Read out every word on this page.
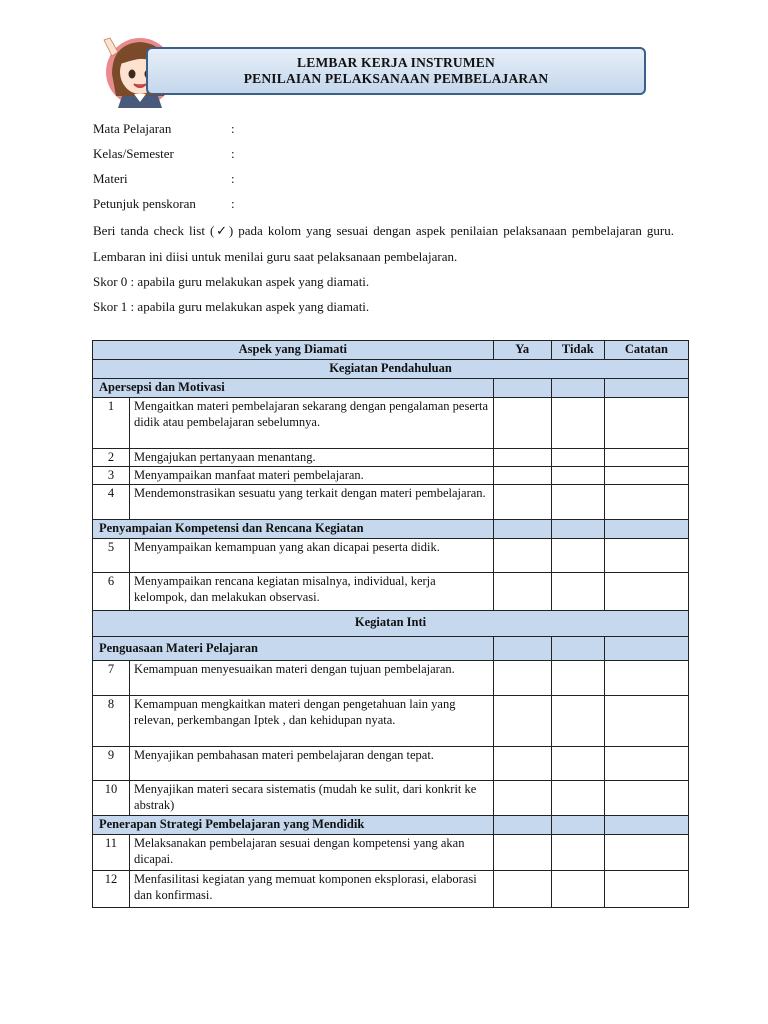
LEMBAR KERJA INSTRUMEN
PENILAIAN PELAKSANAAN PEMBELAJARAN
Mata Pelajaran	:
Kelas/Semester	:
Materi	:
Petunjuk penskoran	:
Beri tanda check list (✓) pada kolom yang sesuai dengan aspek penilaian pelaksanaan pembelajaran guru. Lembaran ini diisi untuk menilai guru saat pelaksanaan pembelajaran.
Skor 0 : apabila guru melakukan aspek yang diamati.
Skor 1 : apabila guru melakukan aspek yang diamati.
Aspek yang Diamati		Ya	Tidak	Catatan
Kegiatan Pendahuluan				
Apersepsi dan Motivasi				
1	Mengaitkan materi pembelajaran sekarang dengan pengalaman peserta didik atau pembelajaran sebelumnya.			
2	Mengajukan pertanyaan menantang.			
3	Menyampaikan manfaat materi pembelajaran.			
4	Mendemonstrasikan sesuatu yang terkait dengan materi pembelajaran.			
Penyampaian Kompetensi dan Rencana Kegiatan				
5	Menyampaikan kemampuan yang akan dicapai peserta didik.			
6	Menyampaikan rencana kegiatan misalnya, individual, kerja kelompok, dan melakukan observasi.			
Kegiatan Inti				
Penguasaan Materi Pelajaran				
7	Kemampuan menyesuaikan materi dengan tujuan pembelajaran.			
8	Kemampuan mengkaitkan materi dengan pengetahuan lain yang relevan, perkembangan Iptek , dan kehidupan nyata.			
9	Menyajikan pembahasan materi pembelajaran dengan tepat.			
10	Menyajikan materi secara sistematis (mudah ke sulit, dari konkrit ke abstrak)			
Penerapan Strategi Pembelajaran yang Mendidik				
11	Melaksanakan pembelajaran sesuai dengan kompetensi yang akan dicapai.			
12	Menfasilitasi kegiatan yang memuat komponen eksplorasi, elaborasi dan konfirmasi.			
